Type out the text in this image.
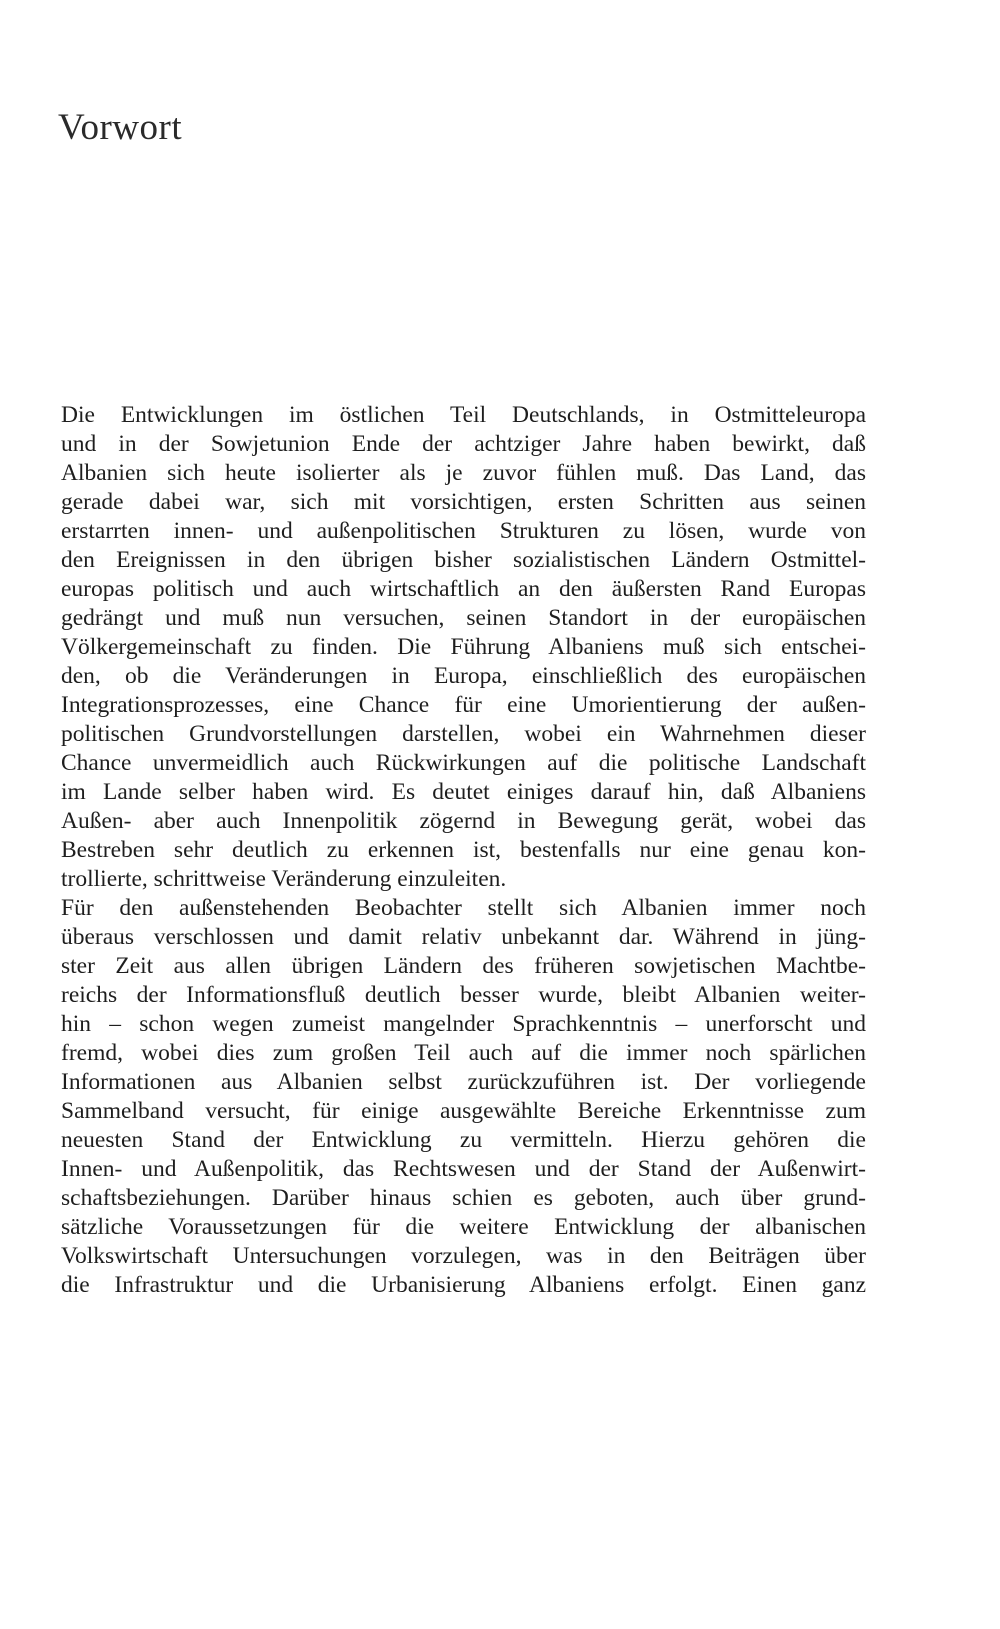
Vorwort
Die Entwicklungen im östlichen Teil Deutschlands, in Ostmitteleuropa
und in der Sowjetunion Ende der achtziger Jahre haben bewirkt, daß
Albanien sich heute isolierter als je zuvor fühlen muß. Das Land, das
gerade dabei war, sich mit vorsichtigen, ersten Schritten aus seinen
erstarrten innen- und außenpolitischen Strukturen zu lösen, wurde von
den Ereignissen in den übrigen bisher sozialistischen Ländern Ostmittel-
europas politisch und auch wirtschaftlich an den äußersten Rand Europas
gedrängt und muß nun versuchen, seinen Standort in der europäischen
Völkergemeinschaft zu finden. Die Führung Albaniens muß sich entschei-
den, ob die Veränderungen in Europa, einschließlich des europäischen
Integrationsprozesses, eine Chance für eine Umorientierung der außen-
politischen Grundvorstellungen darstellen, wobei ein Wahrnehmen dieser
Chance unvermeidlich auch Rückwirkungen auf die politische Landschaft
im Lande selber haben wird. Es deutet einiges darauf hin, daß Albaniens
Außen- aber auch Innenpolitik zögernd in Bewegung gerät, wobei das
Bestreben sehr deutlich zu erkennen ist, bestenfalls nur eine genau kon-
trollierte, schrittweise Veränderung einzuleiten.
Für den außenstehenden Beobachter stellt sich Albanien immer noch
überaus verschlossen und damit relativ unbekannt dar. Während in jüng-
ster Zeit aus allen übrigen Ländern des früheren sowjetischen Machtbe-
reichs der Informationsfluß deutlich besser wurde, bleibt Albanien weiter-
hin – schon wegen zumeist mangelnder Sprachkenntnis – unerforscht und
fremd, wobei dies zum großen Teil auch auf die immer noch spärlichen
Informationen aus Albanien selbst zurückzuführen ist. Der vorliegende
Sammelband versucht, für einige ausgewählte Bereiche Erkenntnisse zum
neuesten Stand der Entwicklung zu vermitteln. Hierzu gehören die
Innen- und Außenpolitik, das Rechtswesen und der Stand der Außenwirt-
schaftsbeziehungen. Darüber hinaus schien es geboten, auch über grund-
sätzliche Voraussetzungen für die weitere Entwicklung der albanischen
Volkswirtschaft Untersuchungen vorzulegen, was in den Beiträgen über
die Infrastruktur und die Urbanisierung Albaniens erfolgt. Einen ganz
